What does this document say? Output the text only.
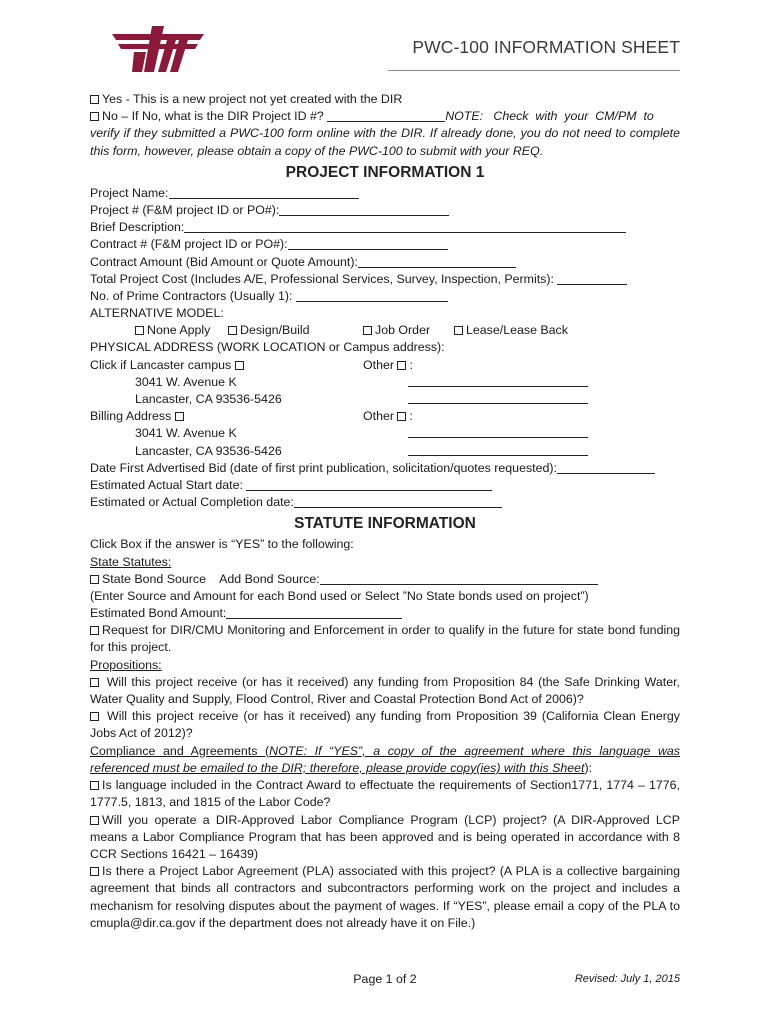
PWC-100 INFORMATION SHEET
Yes - This is a new project not yet created with the DIR
No – If No, what is the DIR Project ID #?	NOTE:   Check  with  your  CM/PM  to
verify if they submitted a PWC-100 form online with the DIR. If already done, you do not need to complete this form, however, please obtain a copy of the PWC-100 to submit with your REQ.
PROJECT INFORMATION 1
Project Name:
Project # (F&M project ID or PO#):
Brief Description:
Contract # (F&M project ID or PO#):
Contract Amount (Bid Amount or Quote Amount):
Total Project Cost (Includes A/E, Professional Services, Survey, Inspection, Permits):
No. of Prime Contractors (Usually 1):
ALTERNATIVE MODEL:
None Apply	Design/Build	Job Order	Lease/Lease Back
PHYSICAL ADDRESS (WORK LOCATION or Campus address):
Click if Lancaster campus	Other :
3041 W. Avenue K
Lancaster, CA 93536-5426
Billing Address	Other :
3041 W. Avenue K
Lancaster, CA 93536-5426
Date First Advertised Bid (date of first print publication, solicitation/quotes requested):
Estimated Actual Start date:
Estimated or Actual Completion date:
STATUTE INFORMATION
Click Box if the answer is “YES” to the following:
State Statutes:
State Bond Source    Add Bond Source:
(Enter Source and Amount for each Bond used or Select ”No State bonds used on project”)
Estimated Bond Amount:
Request for DIR/CMU Monitoring and Enforcement in order to qualify in the future for state bond funding for this project.
Propositions:
Will this project receive (or has it received) any funding from Proposition 84 (the Safe Drinking Water, Water Quality and Supply, Flood Control, River and Coastal Protection Bond Act of 2006)?
Will this project receive (or has it received) any funding from Proposition 39 (California Clean Energy Jobs Act of 2012)?
Compliance and Agreements (NOTE: If “YES”, a copy of the agreement where this language was referenced must be emailed to the DIR; therefore, please provide copy(ies) with this Sheet):
Is language included in the Contract Award to effectuate the requirements of Section1771, 1774 – 1776, 1777.5, 1813, and 1815 of the Labor Code?
Will you operate a DIR-Approved Labor Compliance Program (LCP) project? (A DIR-Approved LCP means a Labor Compliance Program that has been approved and is being operated in accordance with 8 CCR Sections 16421 – 16439)
Is there a Project Labor Agreement (PLA) associated with this project? (A PLA is a collective bargaining agreement that binds all contractors and subcontractors performing work on the project and includes a mechanism for resolving disputes about the payment of wages. If “YES”, please email a copy of the PLA to cmupla@dir.ca.gov if the department does not already have it on File.)
Page 1 of 2	Revised: July 1, 2015
